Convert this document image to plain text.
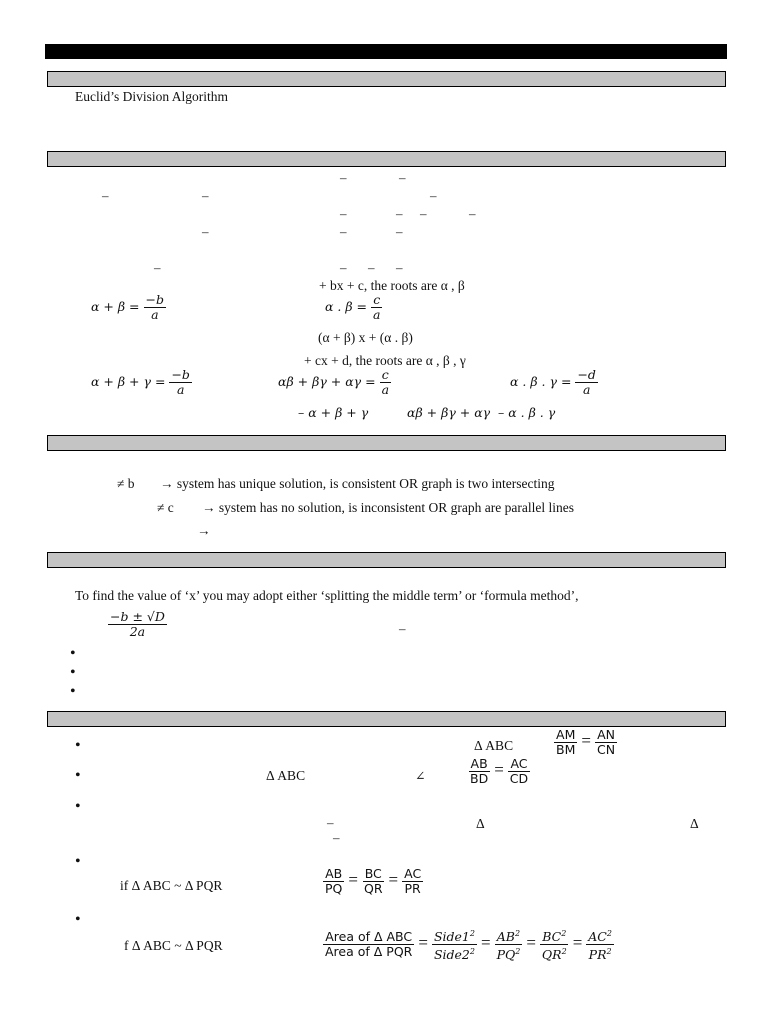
Euclid’s Division Algorithm
–	–
–	–	–
–	– –	–
–	–	–
–	– – –
+ bx + c, the roots are α , β
$\alpha + \beta = \frac{-b}{a}$	α . $\beta = \frac{c}{a}$
(α + β) x + (α . β)
+ cx + d, the roots are α , β , γ
$\alpha + \beta + \gamma = \frac{-b}{a}$	$\alpha\beta + \beta\gamma + \alpha\gamma = \frac{c}{a}$	α . β . $\gamma = \frac{-d}{a}$
– α + β + γ	αβ + βγ + αγ – α . β . γ
≠ b → system has unique solution, is consistent OR graph is two intersecting
≠ c → system has no solution, is inconsistent OR graph are parallel lines
→
To find the value of ‘x’ you may adopt either ‘splitting the middle term’ or ‘formula method’,
$\frac{-b \pm √D}{2a}$	–
•
•
•
•	Δ ABC	$\frac{AM}{BM} = \frac{AN}{CN}$
•	Δ ABC	∠	$\frac{AB}{BD} = \frac{AC}{CD}$
•
–
–
Δ	Δ
•
if Δ ABC ~ Δ PQR	$\frac{AB}{PQ} = \frac{BC}{QR} = \frac{AC}{PR}$
•
f Δ ABC ~ Δ PQR	$\frac{\text{Area of Δ ABC}}{\text{Area of Δ PQR}} = \frac{Side1^2}{Side2^2} = \frac{AB^2}{PQ^2} = \frac{BC^2}{QR^2} = \frac{AC^2}{PR^2}$
